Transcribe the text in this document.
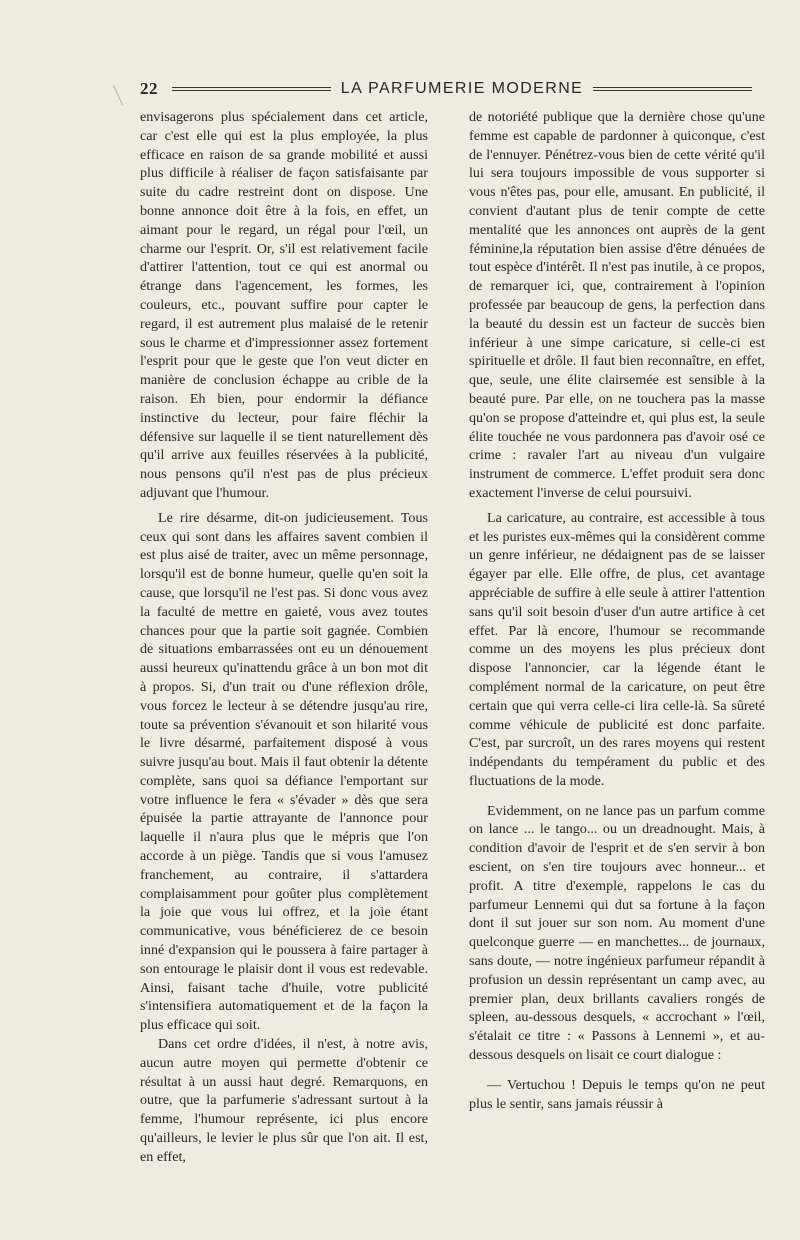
22	LA PARFUMERIE MODERNE

envisagerons plus spécialement dans cet article, car c'est elle qui est la plus employée, la plus efficace en raison de sa grande mobilité et aussi plus difficile à réaliser de façon satisfaisante par suite du cadre restreint dont on dispose. Une bonne annonce doit être à la fois, en effet, un aimant pour le regard, un régal pour l'œil, un charme our l'esprit. Or, s'il est relativement facile d'attirer l'attention, tout ce qui est anormal ou étrange dans l'agencement, les formes, les couleurs, etc., pouvant suffire pour capter le regard, il est autrement plus malaisé de le retenir sous le charme et d'impressionner assez fortement l'esprit pour que le geste que l'on veut dicter en manière de conclusion échappe au crible de la raison. Eh bien, pour endormir la défiance instinctive du lecteur, pour faire fléchir la défensive sur laquelle il se tient naturellement dès qu'il arrive aux feuilles réservées à la publicité, nous pensons qu'il n'est pas de plus précieux adjuvant que l'humour.

Le rire désarme, dit-on judicieusement. Tous ceux qui sont dans les affaires savent combien il est plus aisé de traiter, avec un même personnage, lorsqu'il est de bonne humeur, quelle qu'en soit la cause, que lorsqu'il ne l'est pas. Si donc vous avez la faculté de mettre en gaieté, vous avez toutes chances pour que la partie soit gagnée. Combien de situations embarrassées ont eu un dénouement aussi heureux qu'inattendu grâce à un bon mot dit à propos. Si, d'un trait ou d'une réflexion drôle, vous forcez le lecteur à se détendre jusqu'au rire, toute sa prévention s'évanouit et son hilarité vous le livre désarmé, parfaitement disposé à vous suivre jusqu'au bout. Mais il faut obtenir la détente complète, sans quoi sa défiance l'emportant sur votre influence le fera « s'évader » dès que sera épuisée la partie attrayante de l'annonce pour laquelle il n'aura plus que le mépris que l'on accorde à un piège. Tandis que si vous l'amusez franchement, au contraire, il s'attardera complaisamment pour goûter plus complètement la joie que vous lui offrez, et la joie étant communicative, vous bénéficierez de ce besoin inné d'expansion qui le poussera à faire partager à son entourage le plaisir dont il vous est redevable. Ainsi, faisant tache d'huile, votre publicité s'intensifiera automatiquement et de la façon la plus efficace qui soit.

Dans cet ordre d'idées, il n'est, à notre avis, aucun autre moyen qui permette d'obtenir ce résultat à un aussi haut degré. Remarquons, en outre, que la parfumerie s'adressant surtout à la femme, l'humour représente, ici plus encore qu'ailleurs, le levier le plus sûr que l'on ait. Il est, en effet,

de notoriété publique que la dernière chose qu'une femme est capable de pardonner à quiconque, c'est de l'ennuyer. Pénétrez-vous bien de cette vérité qu'il lui sera toujours impossible de vous supporter si vous n'êtes pas, pour elle, amusant. En publicité, il convient d'autant plus de tenir compte de cette mentalité que les annonces ont auprès de la gent féminine,la réputation bien assise d'être dénuées de tout espèce d'intérêt. Il n'est pas inutile, à ce propos, de remarquer ici, que, contrairement à l'opinion professée par beaucoup de gens, la perfection dans la beauté du dessin est un facteur de succès bien inférieur à une simpe caricature, si celle-ci est spirituelle et drôle. Il faut bien reconnaître, en effet, que, seule, une élite clairsemée est sensible à la beauté pure. Par elle, on ne touchera pas la masse qu'on se propose d'atteindre et, qui plus est, la seule élite touchée ne vous pardonnera pas d'avoir osé ce crime : ravaler l'art au niveau d'un vulgaire instrument de commerce. L'effet produit sera donc exactement l'inverse de celui poursuivi.

La caricature, au contraire, est accessible à tous et les puristes eux-mêmes qui la considèrent comme un genre inférieur, ne dédaignent pas de se laisser égayer par elle. Elle offre, de plus, cet avantage appréciable de suffire à elle seule à attirer l'attention sans qu'il soit besoin d'user d'un autre artifice à cet effet. Par là encore, l'humour se recommande comme un des moyens les plus précieux dont dispose l'annoncier, car la légende étant le complément normal de la caricature, on peut être certain que qui verra celle-ci lira celle-là. Sa sûreté comme véhicule de publicité est donc parfaite. C'est, par surcroît, un des rares moyens qui restent indépendants du tempérament du public et des fluctuations de la mode.

Evidemment, on ne lance pas un parfum comme on lance ... le tango... ou un dreadnought. Mais, à condition d'avoir de l'esprit et de s'en servir à bon escient, on s'en tire toujours avec honneur... et profit. A titre d'exemple, rappelons le cas du parfumeur Lennemi qui dut sa fortune à la façon dont il sut jouer sur son nom. Au moment d'une quelconque guerre — en manchettes... de journaux, sans doute, — notre ingénieux parfumeur répandit à profusion un dessin représentant un camp avec, au premier plan, deux brillants cavaliers rongés de spleen, au-dessous desquels, « accrochant » l'œil, s'étalait ce titre : « Passons à Lennemi », et au-dessous desquels on lisait ce court dialogue :

— Vertuchou ! Depuis le temps qu'on ne peut plus le sentir, sans jamais réussir à
